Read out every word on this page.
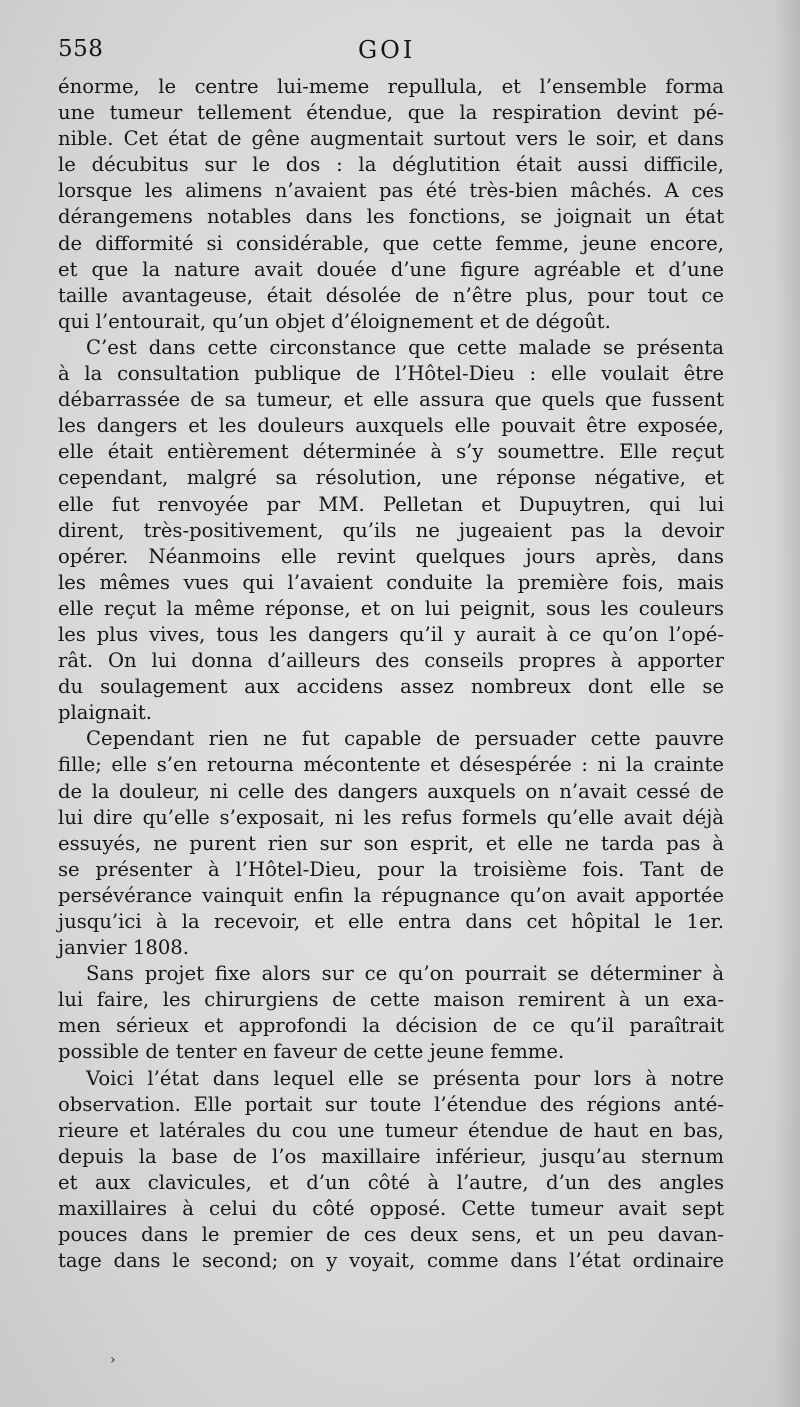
558	GOI
énorme, le centre lui-meme repullula, et l’ensemble forma
une tumeur tellement étendue, que la respiration devint pé-
nible. Cet état de gêne augmentait surtout vers le soir, et dans
le décubitus sur le dos : la déglutition était aussi difficile,
lorsque les alimens n’avaient pas été très-bien mâchés. A ces
dérangemens notables dans les fonctions, se joignait un état
de difformité si considérable, que cette femme, jeune encore,
et que la nature avait douée d’une figure agréable et d’une
taille avantageuse, était désolée de n’être plus, pour tout ce
qui l’entourait, qu’un objet d’éloignement et de dégoût.
C’est dans cette circonstance que cette malade se présenta
à la consultation publique de l’Hôtel-Dieu : elle voulait être
débarrassée de sa tumeur, et elle assura que quels que fussent
les dangers et les douleurs auxquels elle pouvait être exposée,
elle était entièrement déterminée à s’y soumettre. Elle reçut
cependant, malgré sa résolution, une réponse négative, et
elle fut renvoyée par MM. Pelletan et Dupuytren, qui lui
dirent, très-positivement, qu’ils ne jugeaient pas la devoir
opérer. Néanmoins elle revint quelques jours après, dans
les mêmes vues qui l’avaient conduite la première fois, mais
elle reçut la même réponse, et on lui peignit, sous les couleurs
les plus vives, tous les dangers qu’il y aurait à ce qu’on l’opé-
rât. On lui donna d’ailleurs des conseils propres à apporter
du soulagement aux accidens assez nombreux dont elle se
plaignait.
Cependant rien ne fut capable de persuader cette pauvre
fille; elle s’en retourna mécontente et désespérée : ni la crainte
de la douleur, ni celle des dangers auxquels on n’avait cessé de
lui dire qu’elle s’exposait, ni les refus formels qu’elle avait déjà
essuyés, ne purent rien sur son esprit, et elle ne tarda pas à
se présenter à l’Hôtel-Dieu, pour la troisième fois. Tant de
persévérance vainquit enfin la répugnance qu’on avait apportée
jusqu’ici à la recevoir, et elle entra dans cet hôpital le 1er.
janvier 1808.
Sans projet fixe alors sur ce qu’on pourrait se déterminer à
lui faire, les chirurgiens de cette maison remirent à un exa-
men sérieux et approfondi la décision de ce qu’il paraîtrait
possible de tenter en faveur de cette jeune femme.
Voici l’état dans lequel elle se présenta pour lors à notre
observation. Elle portait sur toute l’étendue des régions anté-
rieure et latérales du cou une tumeur étendue de haut en bas,
depuis la base de l’os maxillaire inférieur, jusqu’au sternum
et aux clavicules, et d’un côté à l’autre, d’un des angles
maxillaires à celui du côté opposé. Cette tumeur avait sept
pouces dans le premier de ces deux sens, et un peu davan-
tage dans le second; on y voyait, comme dans l’état ordinaire
›
